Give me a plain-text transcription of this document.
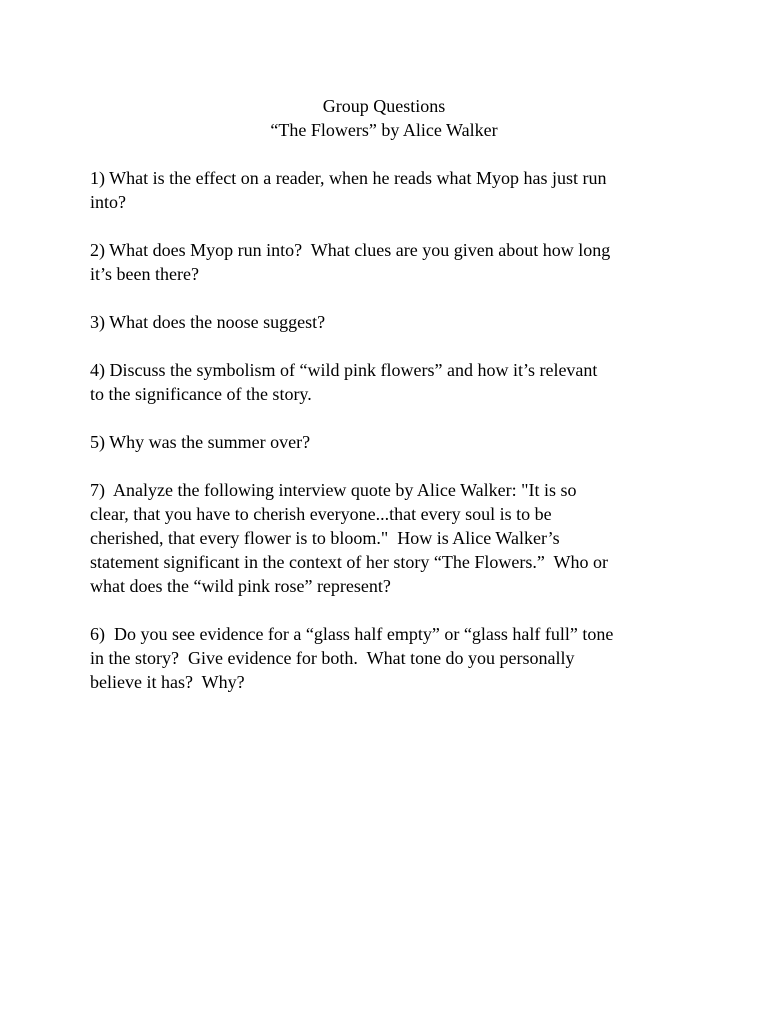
Group Questions
“The Flowers” by Alice Walker
1) What is the effect on a reader, when he reads what Myop has just run
into?
2) What does Myop run into?  What clues are you given about how long
it’s been there?
3) What does the noose suggest?
4) Discuss the symbolism of “wild pink flowers” and how it’s relevant
to the significance of the story.
5) Why was the summer over?
7)  Analyze the following interview quote by Alice Walker: "It is so
clear, that you have to cherish everyone...that every soul is to be
cherished, that every flower is to bloom."  How is Alice Walker’s
statement significant in the context of her story “The Flowers.”  Who or
what does the “wild pink rose” represent?
6)  Do you see evidence for a “glass half empty” or “glass half full” tone
in the story?  Give evidence for both.  What tone do you personally
believe it has?  Why?
